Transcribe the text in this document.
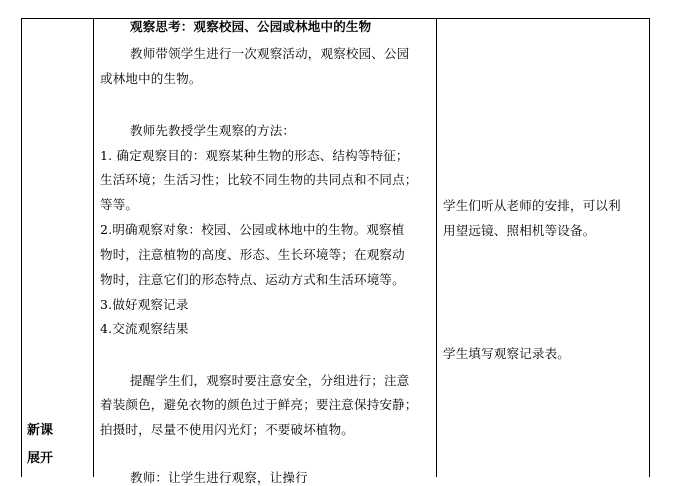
新课
展开
观察思考：观察校园、公园或林地中的生物
教师带领学生进行一次观察活动，观察校园、公园
或林地中的生物。
教师先教授学生观察的方法：
1. 确定观察目的：观察某种生物的形态、结构等特征；
生活环境；生活习性；比较不同生物的共同点和不同点；
等等。
2.明确观察对象：校园、公园或林地中的生物。观察植
物时，注意植物的高度、形态、生长环境等；在观察动
物时，注意它们的形态特点、运动方式和生活环境等。
3.做好观察记录
4.交流观察结果
提醒学生们，观察时要注意安全，分组进行；注意
着装颜色，避免衣物的颜色过于鲜亮；要注意保持安静；
拍摄时，尽量不使用闪光灯；不要破坏植物。
教师：让学生进行观察，让操行
学生们听从老师的安排，可以利
用望远镜、照相机等设备。
学生填写观察记录表。
